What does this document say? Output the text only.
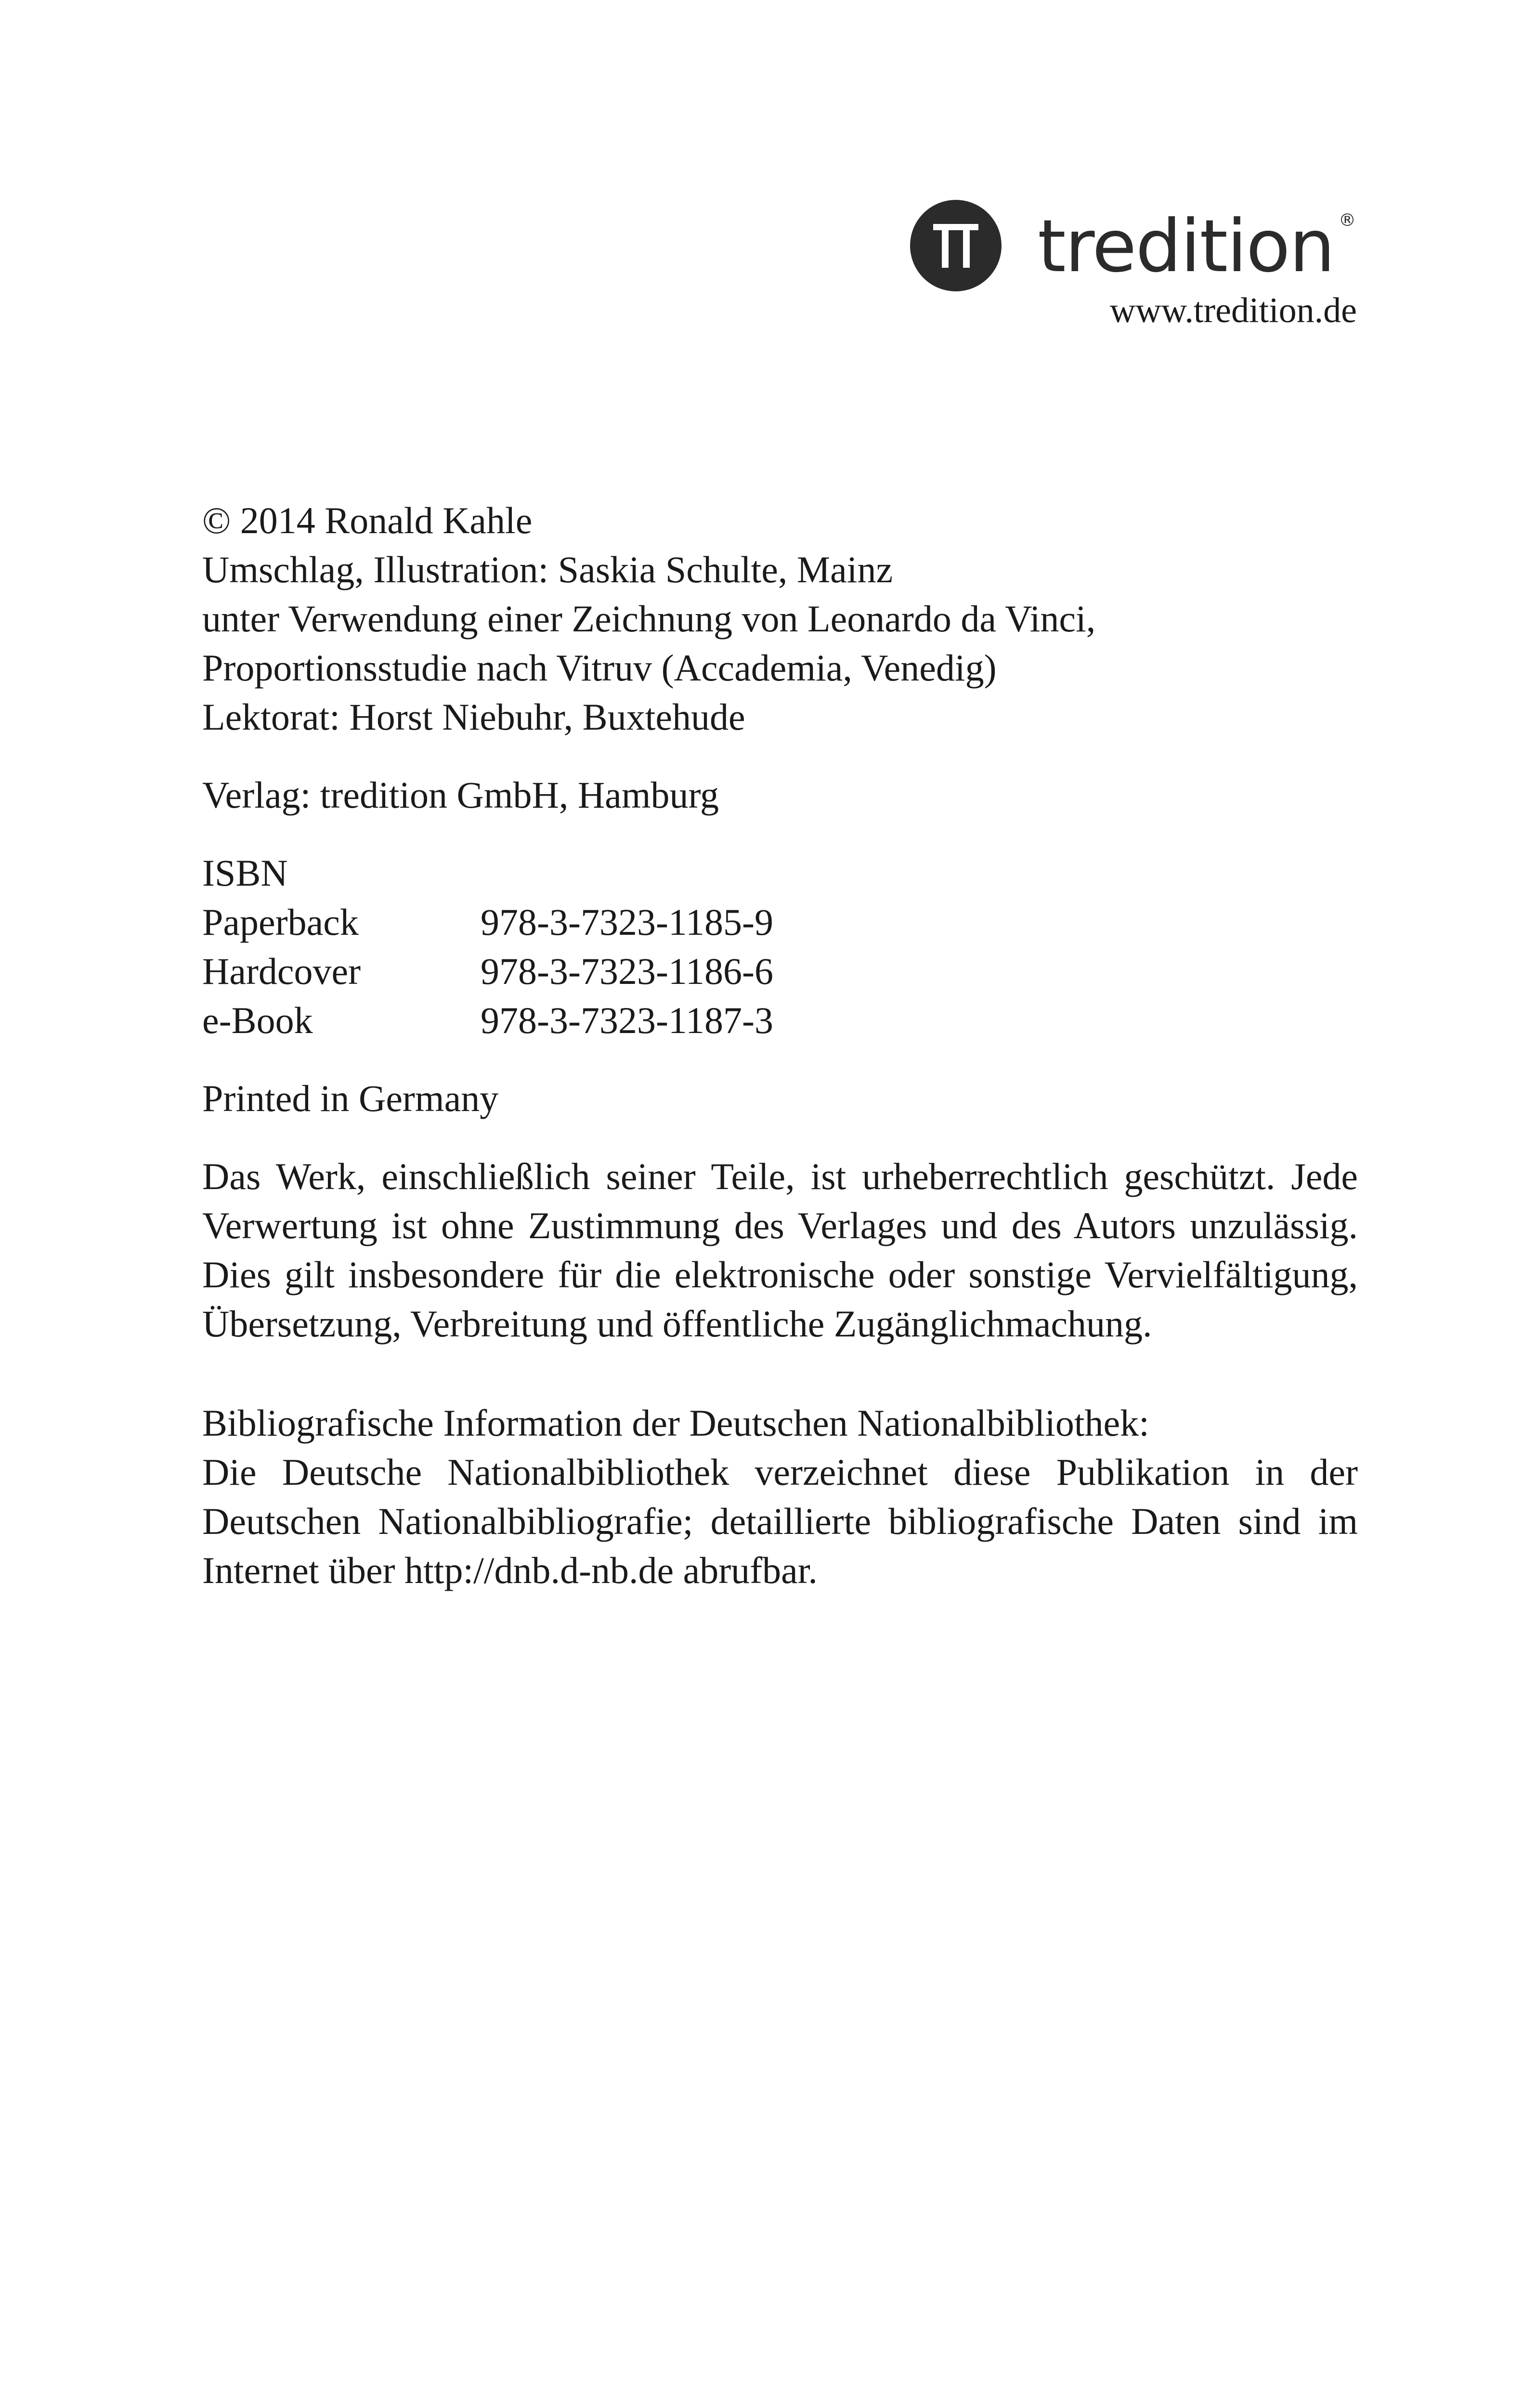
tredition ®
www.tredition.de
© 2014 Ronald Kahle
Umschlag, Illustration: Saskia Schulte, Mainz
unter Verwendung einer Zeichnung von Leonardo da Vinci,
Proportionsstudie nach Vitruv (Accademia, Venedig)
Lektorat: Horst Niebuhr, Buxtehude
Verlag: tredition GmbH, Hamburg
ISBN
Paperback	978-3-7323-1185-9
Hardcover	978-3-7323-1186-6
e-Book	978-3-7323-1187-3
Printed in Germany

Das Werk, einschließlich seiner Teile, ist urheberrechtlich geschützt. Jede Verwertung ist ohne Zustimmung des Verlages und des Autors unzulässig. Dies gilt insbesondere für die elektronische oder sonstige Vervielfältigung, Übersetzung, Verbreitung und öffentliche Zugänglichmachung.

Bibliografische Information der Deutschen Nationalbibliothek:

Die Deutsche Nationalbibliothek verzeichnet diese Publikation in der Deutschen Nationalbibliografie; detaillierte bibliografische Daten sind im Internet über http://dnb.d-nb.de abrufbar.
